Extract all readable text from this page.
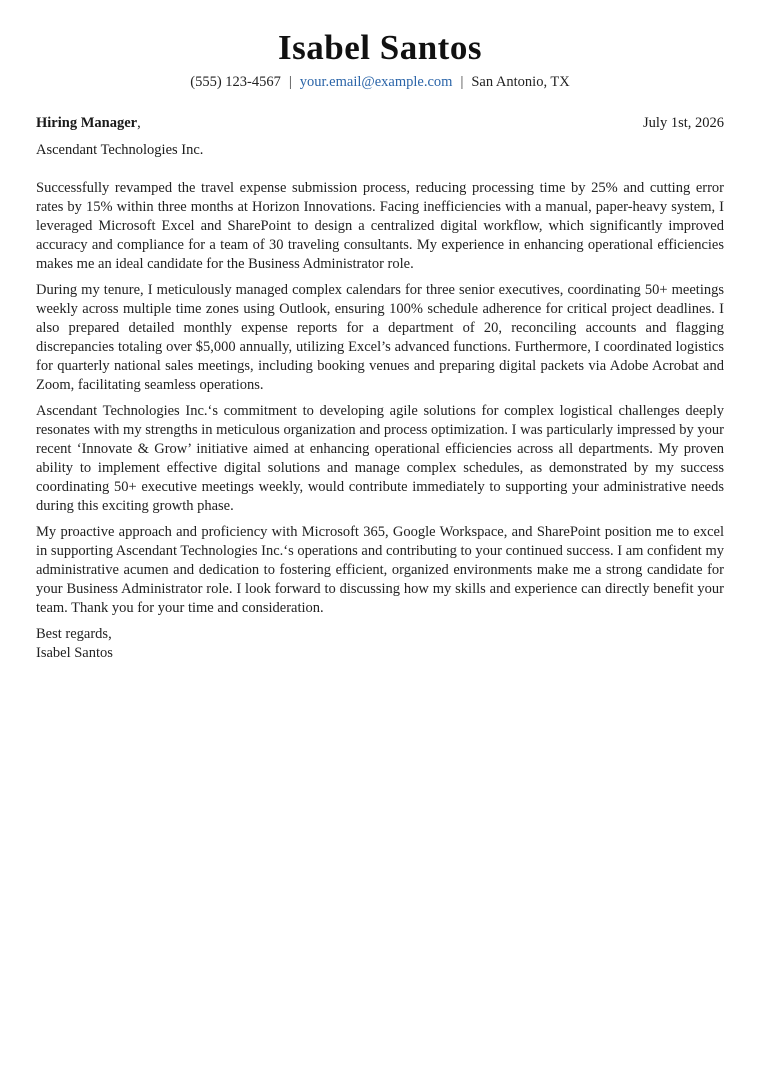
Isabel Santos
(555) 123-4567 | your.email@example.com | San Antonio, TX
Hiring Manager,	July 1st, 2026
Ascendant Technologies Inc.

Successfully revamped the travel expense submission process, reducing processing time by 25% and cutting error rates by 15% within three months at Horizon Innovations. Facing inefficiencies with a manual, paper-heavy system, I leveraged Microsoft Excel and SharePoint to design a centralized digital workflow, which significantly improved accuracy and compliance for a team of 30 traveling consultants. My experience in enhancing operational efficiencies makes me an ideal candidate for the Business Administrator role.

During my tenure, I meticulously managed complex calendars for three senior executives, coordinating 50+ meetings weekly across multiple time zones using Outlook, ensuring 100% schedule adherence for critical project deadlines. I also prepared detailed monthly expense reports for a department of 20, reconciling accounts and flagging discrepancies totaling over $5,000 annually, utilizing Excel’s advanced functions. Furthermore, I coordinated logistics for quarterly national sales meetings, including booking venues and preparing digital packets via Adobe Acrobat and Zoom, facilitating seamless operations.

Ascendant Technologies Inc.‘s commitment to developing agile solutions for complex logistical challenges deeply resonates with my strengths in meticulous organization and process optimization. I was particularly impressed by your recent ‘Innovate & Grow’ initiative aimed at enhancing operational efficiencies across all departments. My proven ability to implement effective digital solutions and manage complex schedules, as demonstrated by my success coordinating 50+ executive meetings weekly, would contribute immediately to supporting your administrative needs during this exciting growth phase.

My proactive approach and proficiency with Microsoft 365, Google Workspace, and SharePoint position me to excel in supporting Ascendant Technologies Inc.‘s operations and contributing to your continued success. I am confident my administrative acumen and dedication to fostering efficient, organized environments make me a strong candidate for your Business Administrator role. I look forward to discussing how my skills and experience can directly benefit your team. Thank you for your time and consideration.

Best regards,
Isabel Santos
